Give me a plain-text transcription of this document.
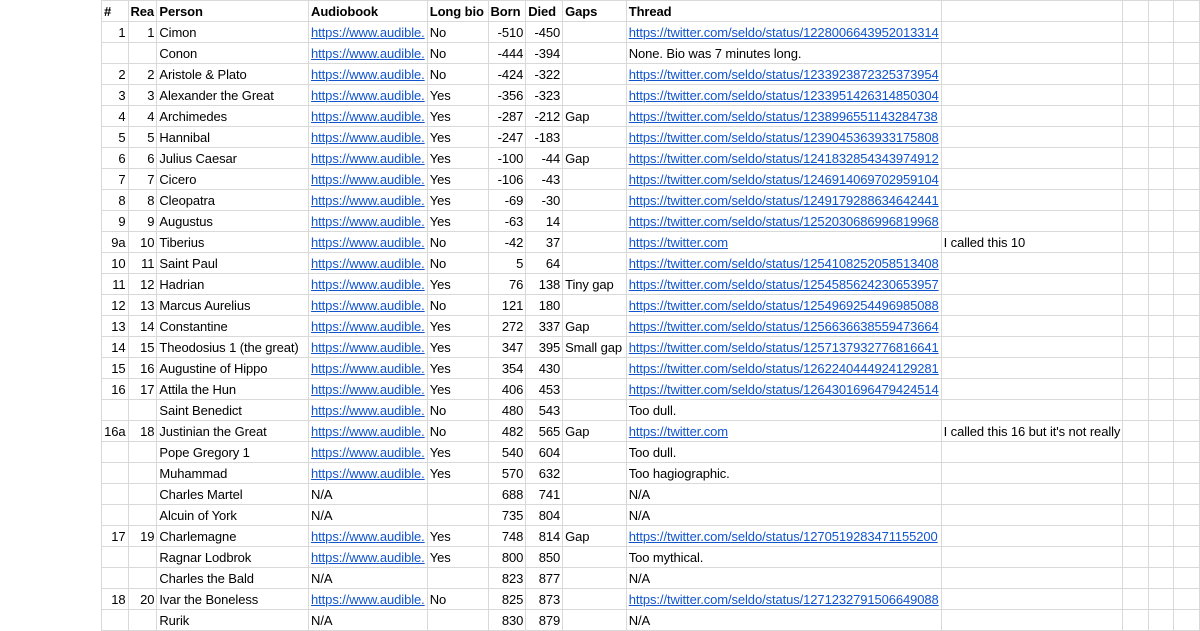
#	Rea	Person	Audiobook	Long bio	Born	Died	Gaps	Thread				
1	1	Cimon	https://www.audible.	No	-510	-450		https://twitter.com/seldo/status/1228006643952013314				
		Conon	https://www.audible.	No	-444	-394		None. Bio was 7 minutes long.				
2	2	Aristole & Plato	https://www.audible.	No	-424	-322		https://twitter.com/seldo/status/1233923872325373954				
3	3	Alexander the Great	https://www.audible.	Yes	-356	-323		https://twitter.com/seldo/status/1233951426314850304				
4	4	Archimedes	https://www.audible.	Yes	-287	-212	Gap	https://twitter.com/seldo/status/1238996551143284738				
5	5	Hannibal	https://www.audible.	Yes	-247	-183		https://twitter.com/seldo/status/1239045363933175808				
6	6	Julius Caesar	https://www.audible.	Yes	-100	-44	Gap	https://twitter.com/seldo/status/1241832854343974912				
7	7	Cicero	https://www.audible.	Yes	-106	-43		https://twitter.com/seldo/status/1246914069702959104				
8	8	Cleopatra	https://www.audible.	Yes	-69	-30		https://twitter.com/seldo/status/1249179288634642441				
9	9	Augustus	https://www.audible.	Yes	-63	14		https://twitter.com/seldo/status/1252030686996819968				
9a	10	Tiberius	https://www.audible.	No	-42	37		https://twitter.com	I called this 10			
10	11	Saint Paul	https://www.audible.	No	5	64		https://twitter.com/seldo/status/1254108252058513408				
11	12	Hadrian	https://www.audible.	Yes	76	138	Tiny gap	https://twitter.com/seldo/status/1254585624230653957				
12	13	Marcus Aurelius	https://www.audible.	No	121	180		https://twitter.com/seldo/status/1254969254496985088				
13	14	Constantine	https://www.audible.	Yes	272	337	Gap	https://twitter.com/seldo/status/1256636638559473664				
14	15	Theodosius 1 (the great)	https://www.audible.	Yes	347	395	Small gap	https://twitter.com/seldo/status/1257137932776816641				
15	16	Augustine of Hippo	https://www.audible.	Yes	354	430		https://twitter.com/seldo/status/1262240444924129281				
16	17	Attila the Hun	https://www.audible.	Yes	406	453		https://twitter.com/seldo/status/1264301696479424514				
		Saint Benedict	https://www.audible.	No	480	543		Too dull.				
16a	18	Justinian the Great	https://www.audible.	No	482	565	Gap	https://twitter.com	I called this 16 but it's not really			
		Pope Gregory 1	https://www.audible.	Yes	540	604		Too dull.				
		Muhammad	https://www.audible.	Yes	570	632		Too hagiographic.				
		Charles Martel	N/A		688	741		N/A				
		Alcuin of York	N/A		735	804		N/A				
17	19	Charlemagne	https://www.audible.	Yes	748	814	Gap	https://twitter.com/seldo/status/1270519283471155200				
		Ragnar Lodbrok	https://www.audible.	Yes	800	850		Too mythical.				
		Charles the Bald	N/A		823	877		N/A				
18	20	Ivar the Boneless	https://www.audible.	No	825	873		https://twitter.com/seldo/status/1271232791506649088				
		Rurik	N/A		830	879		N/A				
